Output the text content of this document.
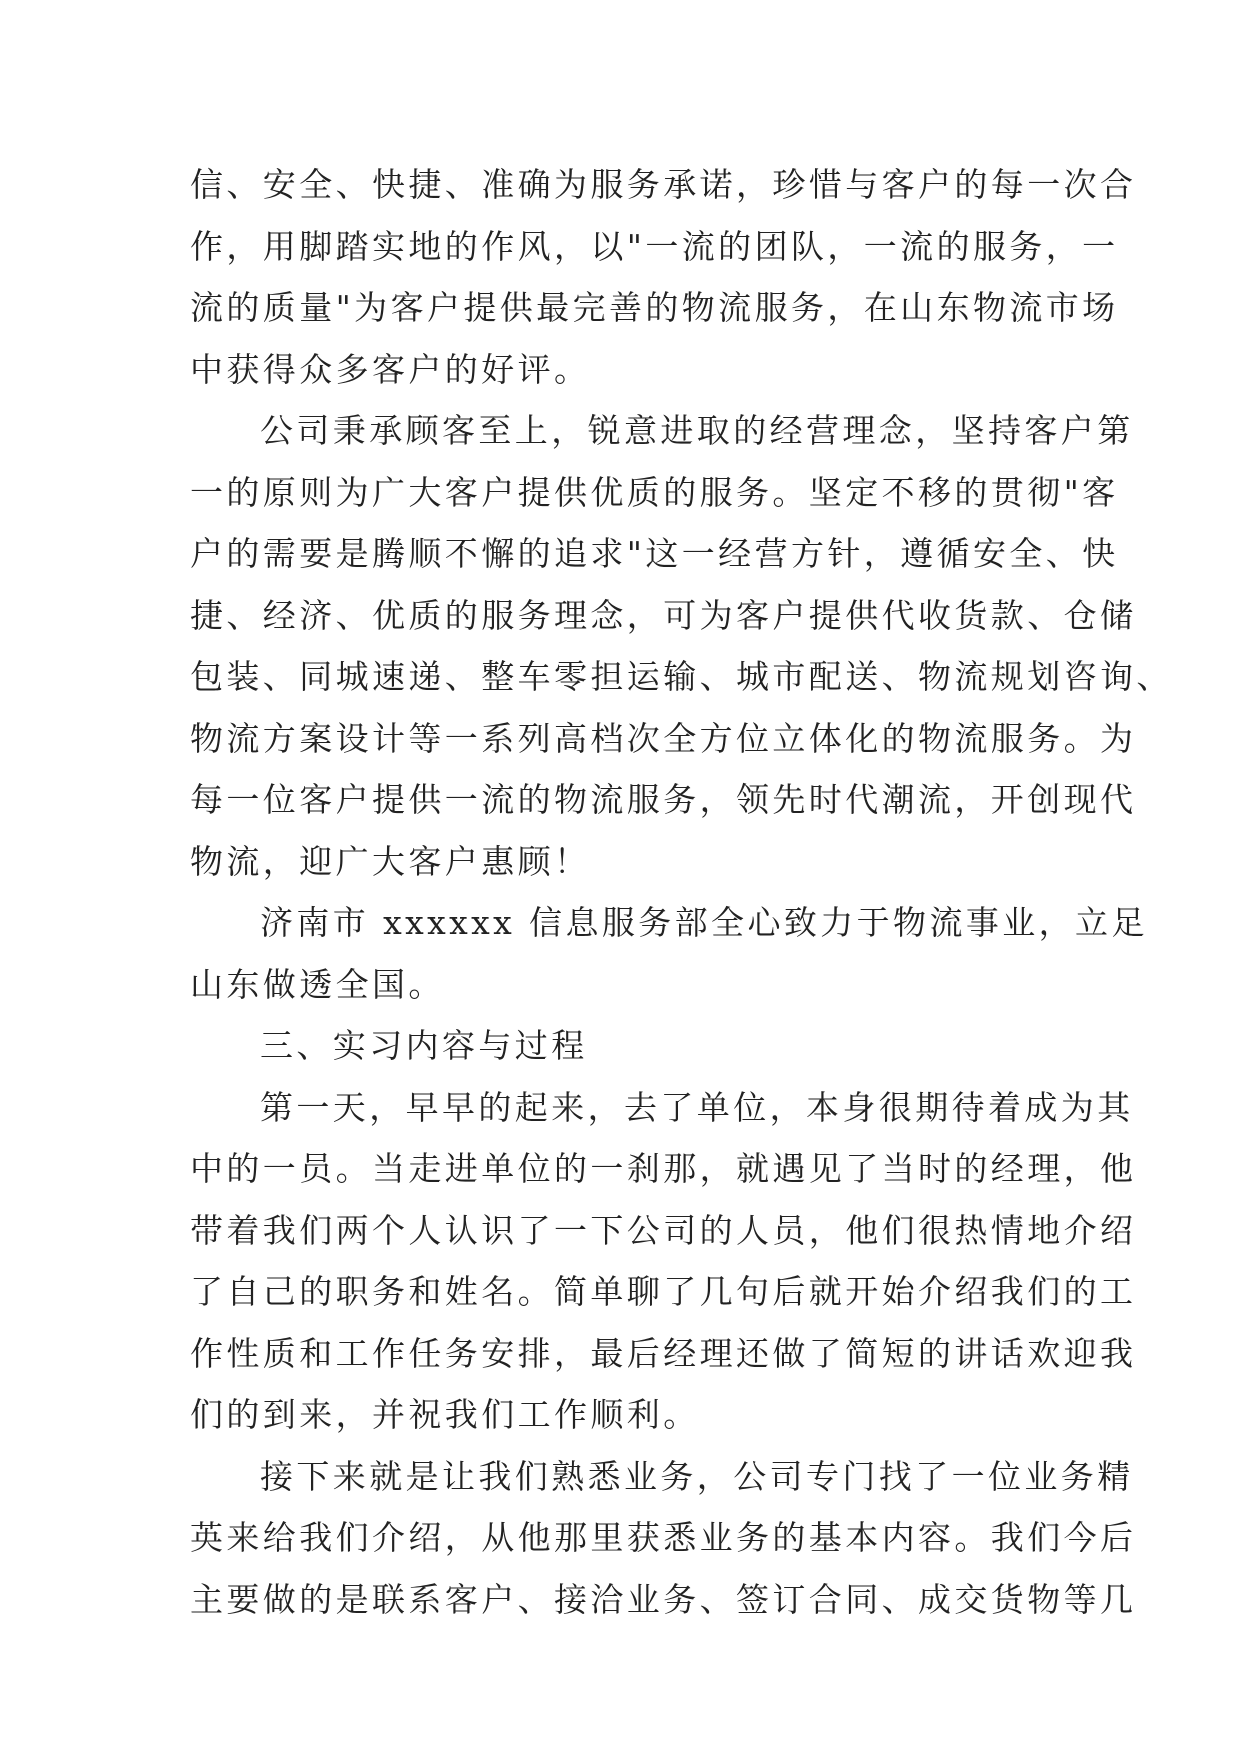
信、安全、快捷、准确为服务承诺，珍惜与客户的每一次合
作，用脚踏实地的作风，以"一流的团队，一流的服务，一
流的质量"为客户提供最完善的物流服务，在山东物流市场
中获得众多客户的好评。
公司秉承顾客至上，锐意进取的经营理念，坚持客户第
一的原则为广大客户提供优质的服务。坚定不移的贯彻"客
户的需要是腾顺不懈的追求"这一经营方针，遵循安全、快
捷、经济、优质的服务理念，可为客户提供代收货款、仓储
包装、同城速递、整车零担运输、城市配送、物流规划咨询、
物流方案设计等一系列高档次全方位立体化的物流服务。为
每一位客户提供一流的物流服务，领先时代潮流，开创现代
物流，迎广大客户惠顾！
济南市 xxxxxx 信息服务部全心致力于物流事业，立足
山东做透全国。
三、实习内容与过程
第一天，早早的起来，去了单位，本身很期待着成为其
中的一员。当走进单位的一刹那，就遇见了当时的经理，他
带着我们两个人认识了一下公司的人员，他们很热情地介绍
了自己的职务和姓名。简单聊了几句后就开始介绍我们的工
作性质和工作任务安排，最后经理还做了简短的讲话欢迎我
们的到来，并祝我们工作顺利。
接下来就是让我们熟悉业务，公司专门找了一位业务精
英来给我们介绍，从他那里获悉业务的基本内容。我们今后
主要做的是联系客户、接洽业务、签订合同、成交货物等几
